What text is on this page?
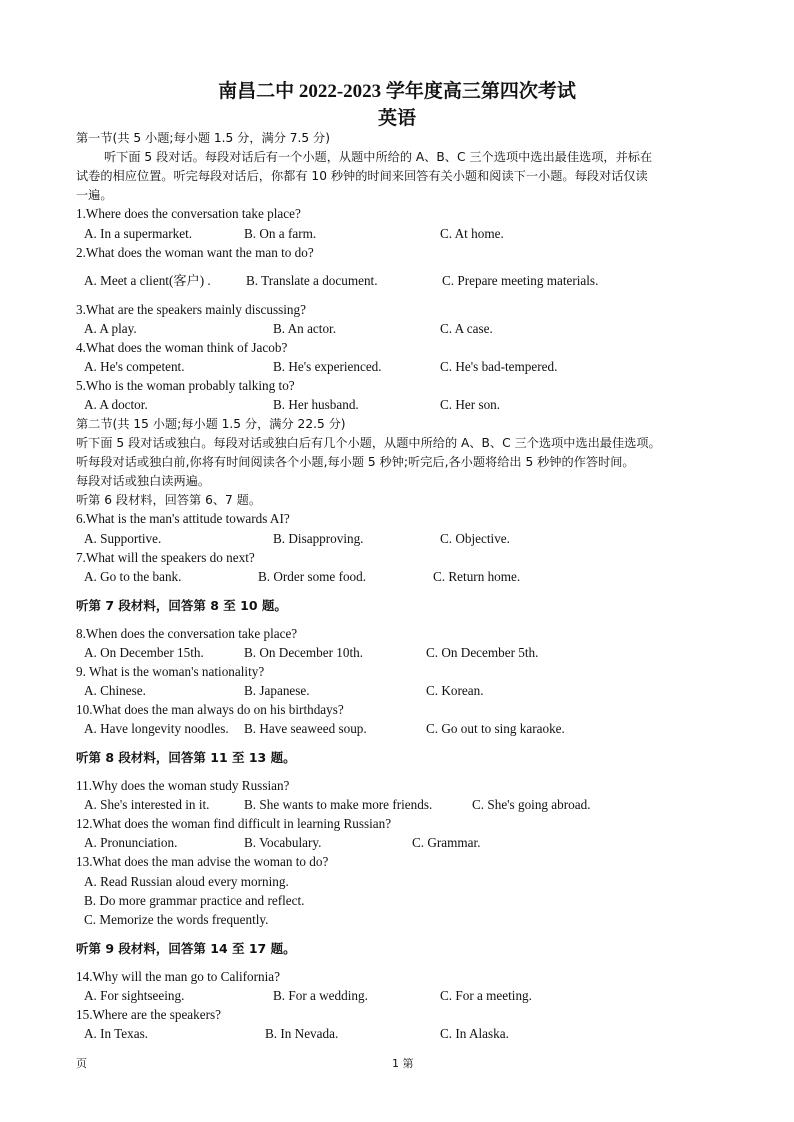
南昌二中 2022-2023 学年度高三第四次考试
英语
第一节(共 5 小题;每小题 1.5 分，满分 7.5 分)
听下面 5 段对话。每段对话后有一个小题，从题中所给的 A、B、C 三个选项中选出最佳选项，并标在
试卷的相应位置。听完每段对话后，你都有 10 秒钟的时间来回答有关小题和阅读下一小题。每段对话仅读
一遍。
1.Where does the conversation take place?
A. In a supermarket.	B. On a farm.	C. At home.
2.What does the woman want the man to do?
A. Meet a client(客户) .	B. Translate a document.	C. Prepare meeting materials.
3.What are the speakers mainly discussing?
A. A play.	B. An actor.	C. A case.
4.What does the woman think of Jacob?
A. He's competent.	B. He's experienced.	C. He's bad-tempered.
5.Who is the woman probably talking to?
A. A doctor.	B. Her husband.	C. Her son.
第二节(共 15 小题;每小题 1.5 分，满分 22.5 分)
听下面 5 段对话或独白。每段对话或独白后有几个小题，从题中所给的 A、B、C 三个选项中选出最佳选项。
听每段对话或独白前,你将有时间阅读各个小题,每小题 5 秒钟;听完后,各小题将给出 5 秒钟的作答时间。
每段对话或独白读两遍。
听第 6 段材料，回答第 6、7 题。
6.What is the man's attitude towards AI?
A. Supportive.	B. Disapproving.	C. Objective.
7.What will the speakers do next?
A. Go to the bank.	B. Order some food.	C. Return home.
听第 7 段材料，回答第 8 至 10 题。
8.When does the conversation take place?
A. On December 15th.	B. On December 10th.	C. On December 5th.
9. What is the woman's nationality?
A. Chinese.	B. Japanese.	C. Korean.
10.What does the man always do on his birthdays?
A. Have longevity noodles. B. Have seaweed soup.	C. Go out to sing karaoke.
听第 8 段材料，回答第 11 至 13 题。
11.Why does the woman study Russian?
A. She's interested in it.	B. She wants to make more friends.	C. She's going abroad.
12.What does the woman find difficult in learning Russian?
A. Pronunciation.	B. Vocabulary.	C. Grammar.
13.What does the man advise the woman to do?
A. Read Russian aloud every morning.
B. Do more grammar practice and reflect.
C. Memorize the words frequently.
听第 9 段材料，回答第 14 至 17 题。
14.Why will the man go to California?
A. For sightseeing.	B. For a wedding.	C. For a meeting.
15.Where are the speakers?
A. In Texas.	B. In Nevada.	C. In Alaska.
页	1 第
